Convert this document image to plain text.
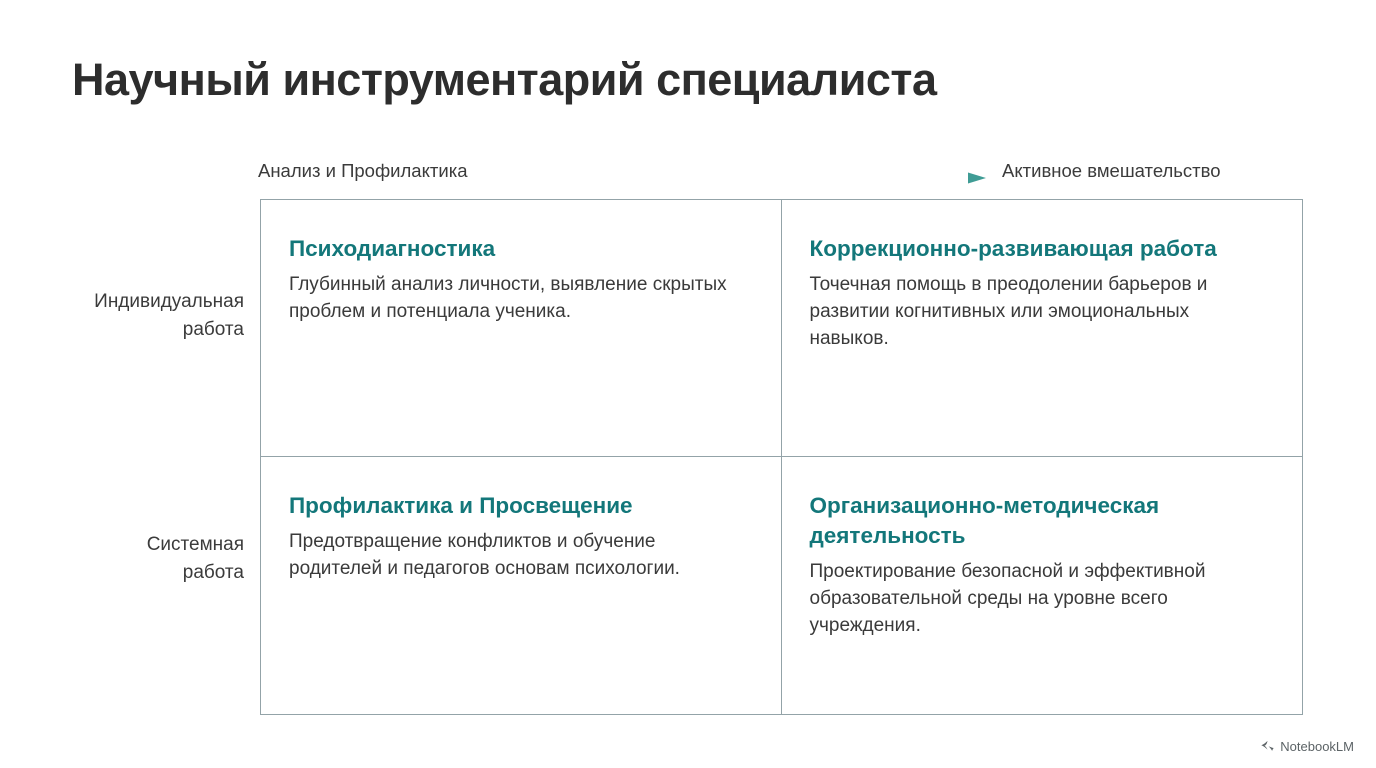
Научный инструментарий специалиста
Анализ и Профилактика	Активное вмешательство
Индивидуальная
работа
Системная
работа

Психодиагностика

Глубинный анализ личности, выявление скрытых проблем и потенциала ученика.

Коррекционно-развивающая работа

Точечная помощь в преодолении барьеров и развитии когнитивных или эмоциональных навыков.

Профилактика и Просвещение

Предотвращение конфликтов и обучение родителей и педагогов основам психологии.

Организационно-методическая деятельность

Проектирование безопасной и эффективной образовательной среды на уровне всего учреждения.

NotebookLM
